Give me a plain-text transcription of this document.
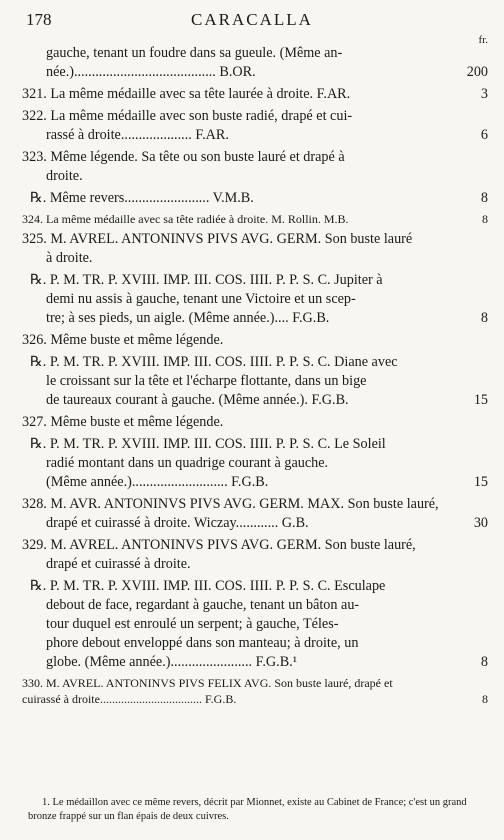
178	CARACALLA
fr.
gauche, tenant un foudre dans sa gueule. (Même an-
née.)........................................ B.OR.	200
321. La même médaille avec sa tête laurée à droite. F.AR.	3
322. La même médaille avec son buste radié, drapé et cui-
rassé à droite.................... F.AR.	6
323. Même légende. Sa tête ou son buste lauré et drapé à
droite.
℞. Même revers........................ V.M.B.	8
324. La même médaille avec sa tête radiée à droite. M. Rollin. M.B.	8
325. M. AVREL. ANTONINVS PIVS AVG. GERM. Son buste lauré
à droite.
℞. P. M. TR. P. XVIII. IMP. III. COS. IIII. P. P. S. C. Jupiter à
demi nu assis à gauche, tenant une Victoire et un scep-
tre; à ses pieds, un aigle. (Même année.).... F.G.B.	8
326. Même buste et même légende.
℞. P. M. TR. P. XVIII. IMP. III. COS. IIII. P. P. S. C. Diane avec
le croissant sur la tête et l'écharpe flottante, dans un bige
de taureaux courant à gauche. (Même année.). F.G.B.	15
327. Même buste et même légende.
℞. P. M. TR. P. XVIII. IMP. III. COS. IIII. P. P. S. C. Le Soleil
radié montant dans un quadrige courant à gauche.
(Même année.)........................... F.G.B.	15
328. M. AVR. ANTONINVS PIVS AVG. GERM. MAX. Son buste lauré,
drapé et cuirassé à droite. Wiczay............ G.B.	30
329. M. AVREL. ANTONINVS PIVS AVG. GERM. Son buste lauré,
drapé et cuirassé à droite.
℞. P. M. TR. P. XVIII. IMP. III. COS. IIII. P. P. S. C. Esculape
debout de face, regardant à gauche, tenant un bâton au-
tour duquel est enroulé un serpent; à gauche, Téles-
phore debout enveloppé dans son manteau; à droite, un
globe. (Même année.)....................... F.G.B.¹	8
330. M. AVREL. ANTONINVS PIVS FELIX AVG. Son buste lauré, drapé et
cuirassé à droite.................................. F.G.B.	8
1. Le médaillon avec ce même revers, décrit par Mionnet, existe au Cabinet de France; c'est un grand bronze frappé sur un flan épais de deux cuivres.
